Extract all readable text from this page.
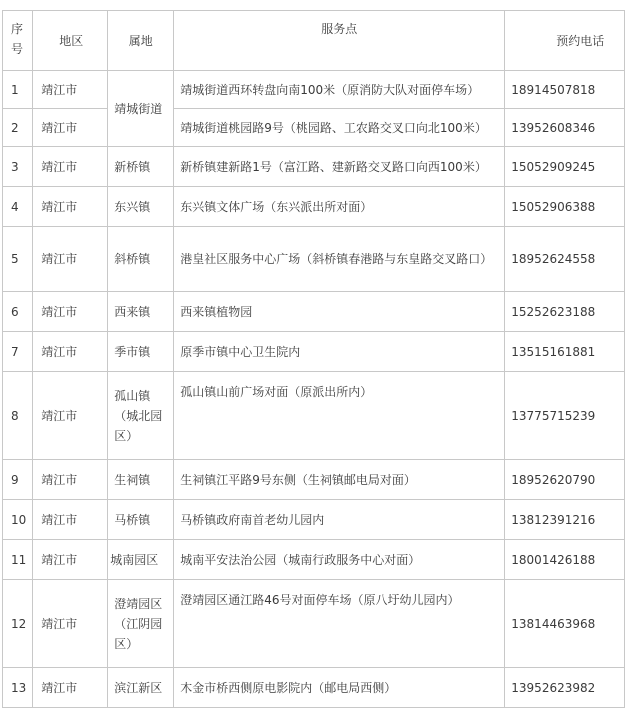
序号	地区	属地	服务点	预约电话
1	靖江市	靖城街道	靖城街道西环转盘向南100米（原消防大队对面停车场）	18914507818
2	靖江市		靖城街道桃园路9号（桃园路、工农路交叉口向北100米）	13952608346
3	靖江市	新桥镇	新桥镇建新路1号（富江路、建新路交叉路口向西100米）	15052909245
4	靖江市	东兴镇	东兴镇文体广场（东兴派出所对面）	15052906388
5	靖江市	斜桥镇	港皇社区服务中心广场（斜桥镇春港路与东皇路交叉路口）	18952624558
6	靖江市	西来镇	西来镇植物园	15252623188
7	靖江市	季市镇	原季市镇中心卫生院内	13515161881
8	靖江市	孤山镇（城北园区）	孤山镇山前广场对面（原派出所内）	13775715239
9	靖江市	生祠镇	生祠镇江平路9号东侧（生祠镇邮电局对面）	18952620790
10	靖江市	马桥镇	马桥镇政府南首老幼儿园内	13812391216
11	靖江市	城南园区	城南平安法治公园（城南行政服务中心对面）	18001426188
12	靖江市	澄靖园区（江阴园区）	澄靖园区通江路46号对面停车场（原八圩幼儿园内）	13814463968
13	靖江市	滨江新区	木金市桥西侧原电影院内（邮电局西侧）	13952623982
